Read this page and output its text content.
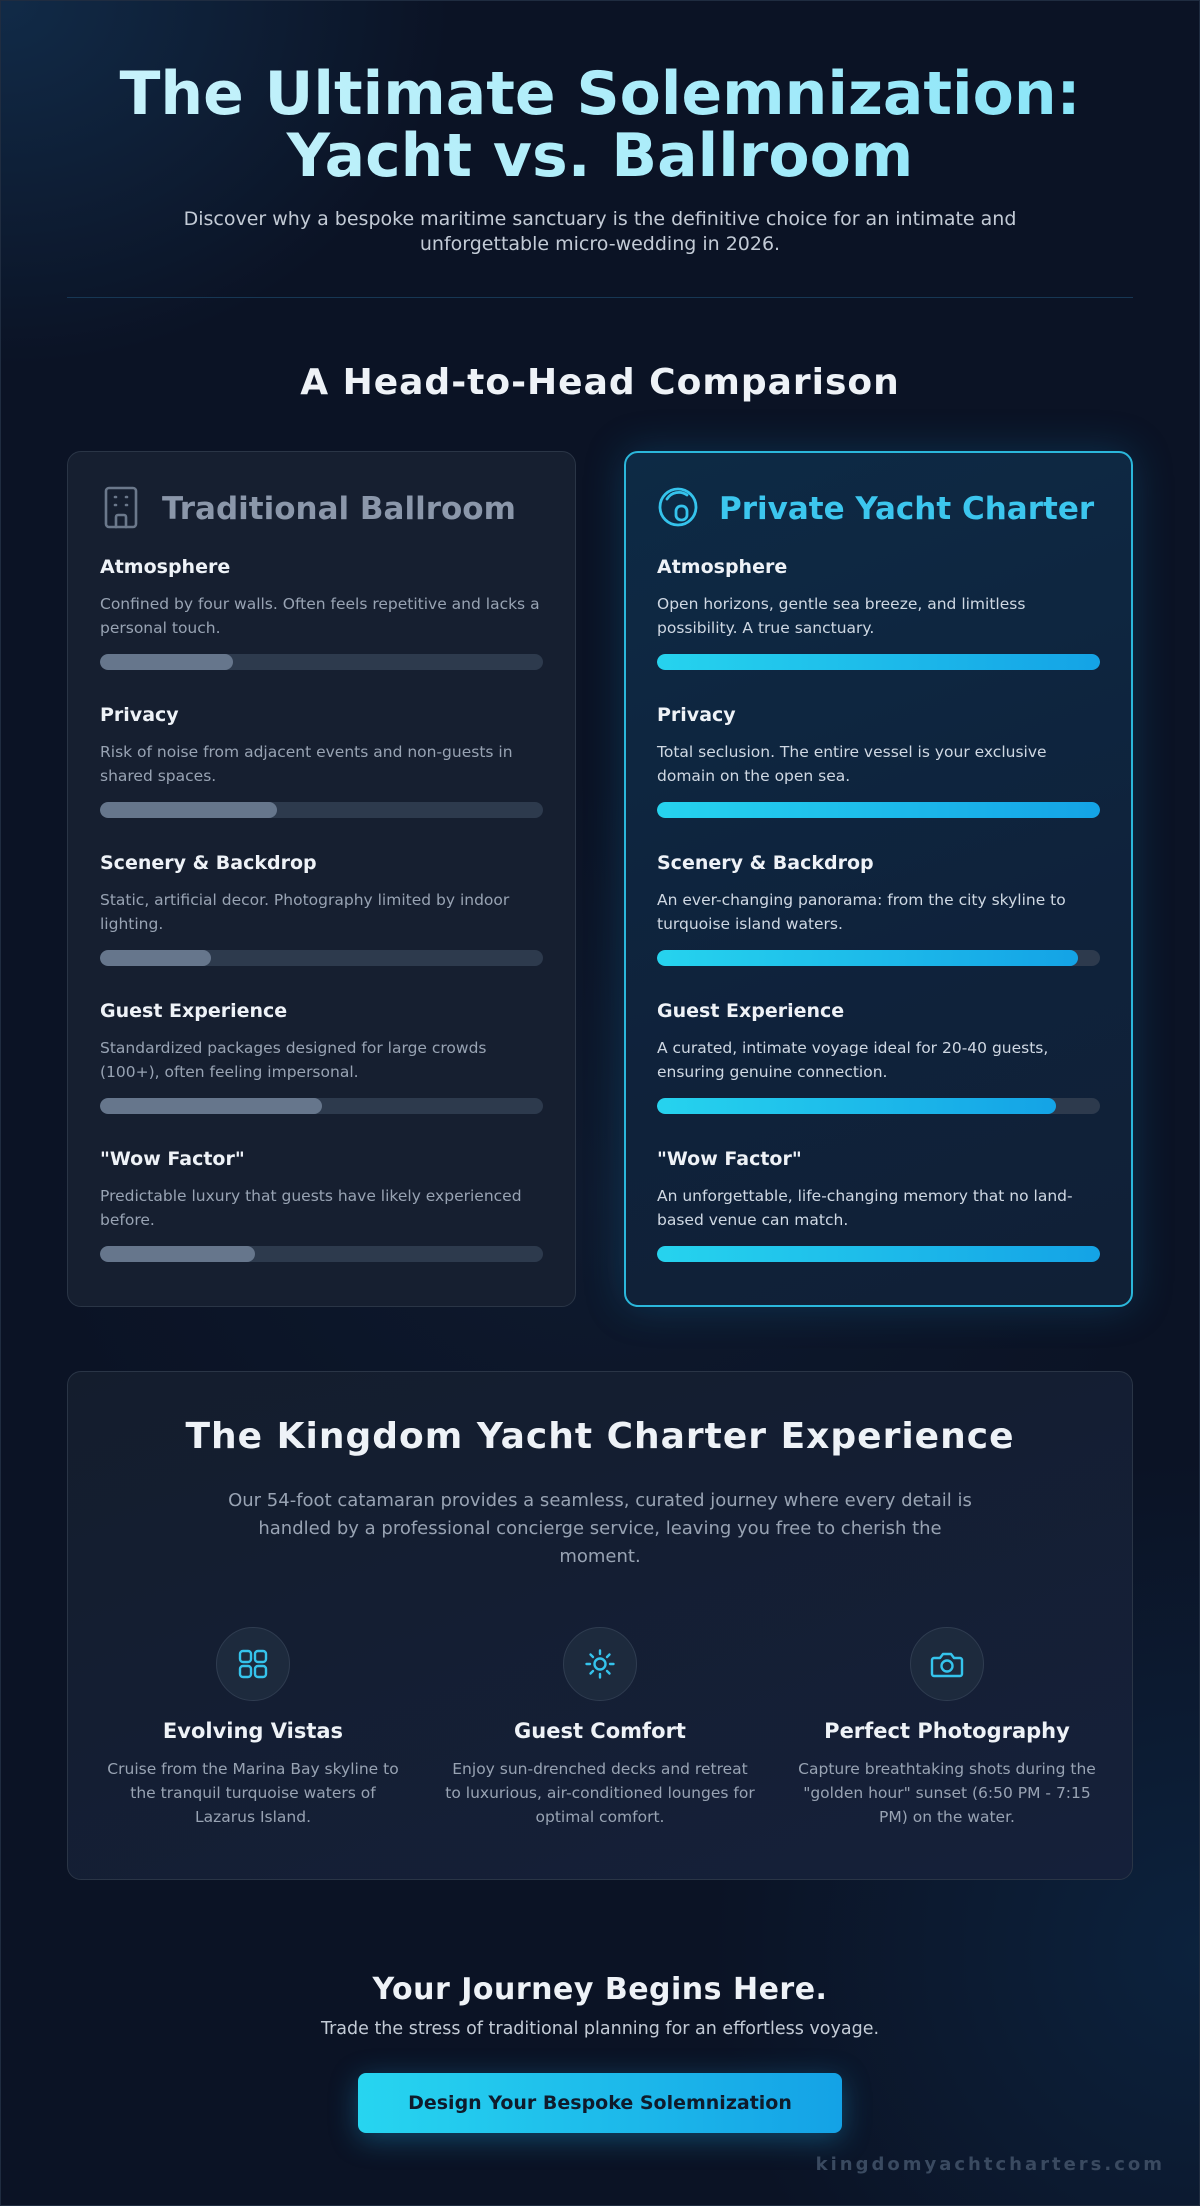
The Ultimate Solemnization:
Yacht vs. Ballroom

Discover why a bespoke maritime sanctuary is the definitive choice for an intimate and unforgettable micro-wedding in 2026.

A Head-to-Head Comparison
Traditional Ballroom
Atmosphere
Confined by four walls. Often feels repetitive and lacks a personal touch.
Privacy
Risk of noise from adjacent events and non-guests in shared spaces.
Scenery & Backdrop
Static, artificial decor. Photography limited by indoor lighting.
Guest Experience
Standardized packages designed for large crowds (100+), often feeling impersonal.
"Wow Factor"
Predictable luxury that guests have likely experienced before.
Private Yacht Charter
Atmosphere
Open horizons, gentle sea breeze, and limitless possibility. A true sanctuary.
Privacy
Total seclusion. The entire vessel is your exclusive domain on the open sea.
Scenery & Backdrop
An ever-changing panorama: from the city skyline to turquoise island waters.
Guest Experience
A curated, intimate voyage ideal for 20-40 guests, ensuring genuine connection.
"Wow Factor"
An unforgettable, life-changing memory that no land-based venue can match.
The Kingdom Yacht Charter Experience

Our 54-foot catamaran provides a seamless, curated journey where every detail is handled by a professional concierge service, leaving you free to cherish the moment.

Evolving Vistas
Cruise from the Marina Bay skyline to the tranquil turquoise waters of Lazarus Island.
Guest Comfort
Enjoy sun-drenched decks and retreat to luxurious, air-conditioned lounges for optimal comfort.
Perfect Photography
Capture breathtaking shots during the "golden hour" sunset (6:50 PM - 7:15 PM) on the water.
Your Journey Begins Here.

Trade the stress of traditional planning for an effortless voyage.

Design Your Bespoke Solemnization
kingdomyachtcharters.com
